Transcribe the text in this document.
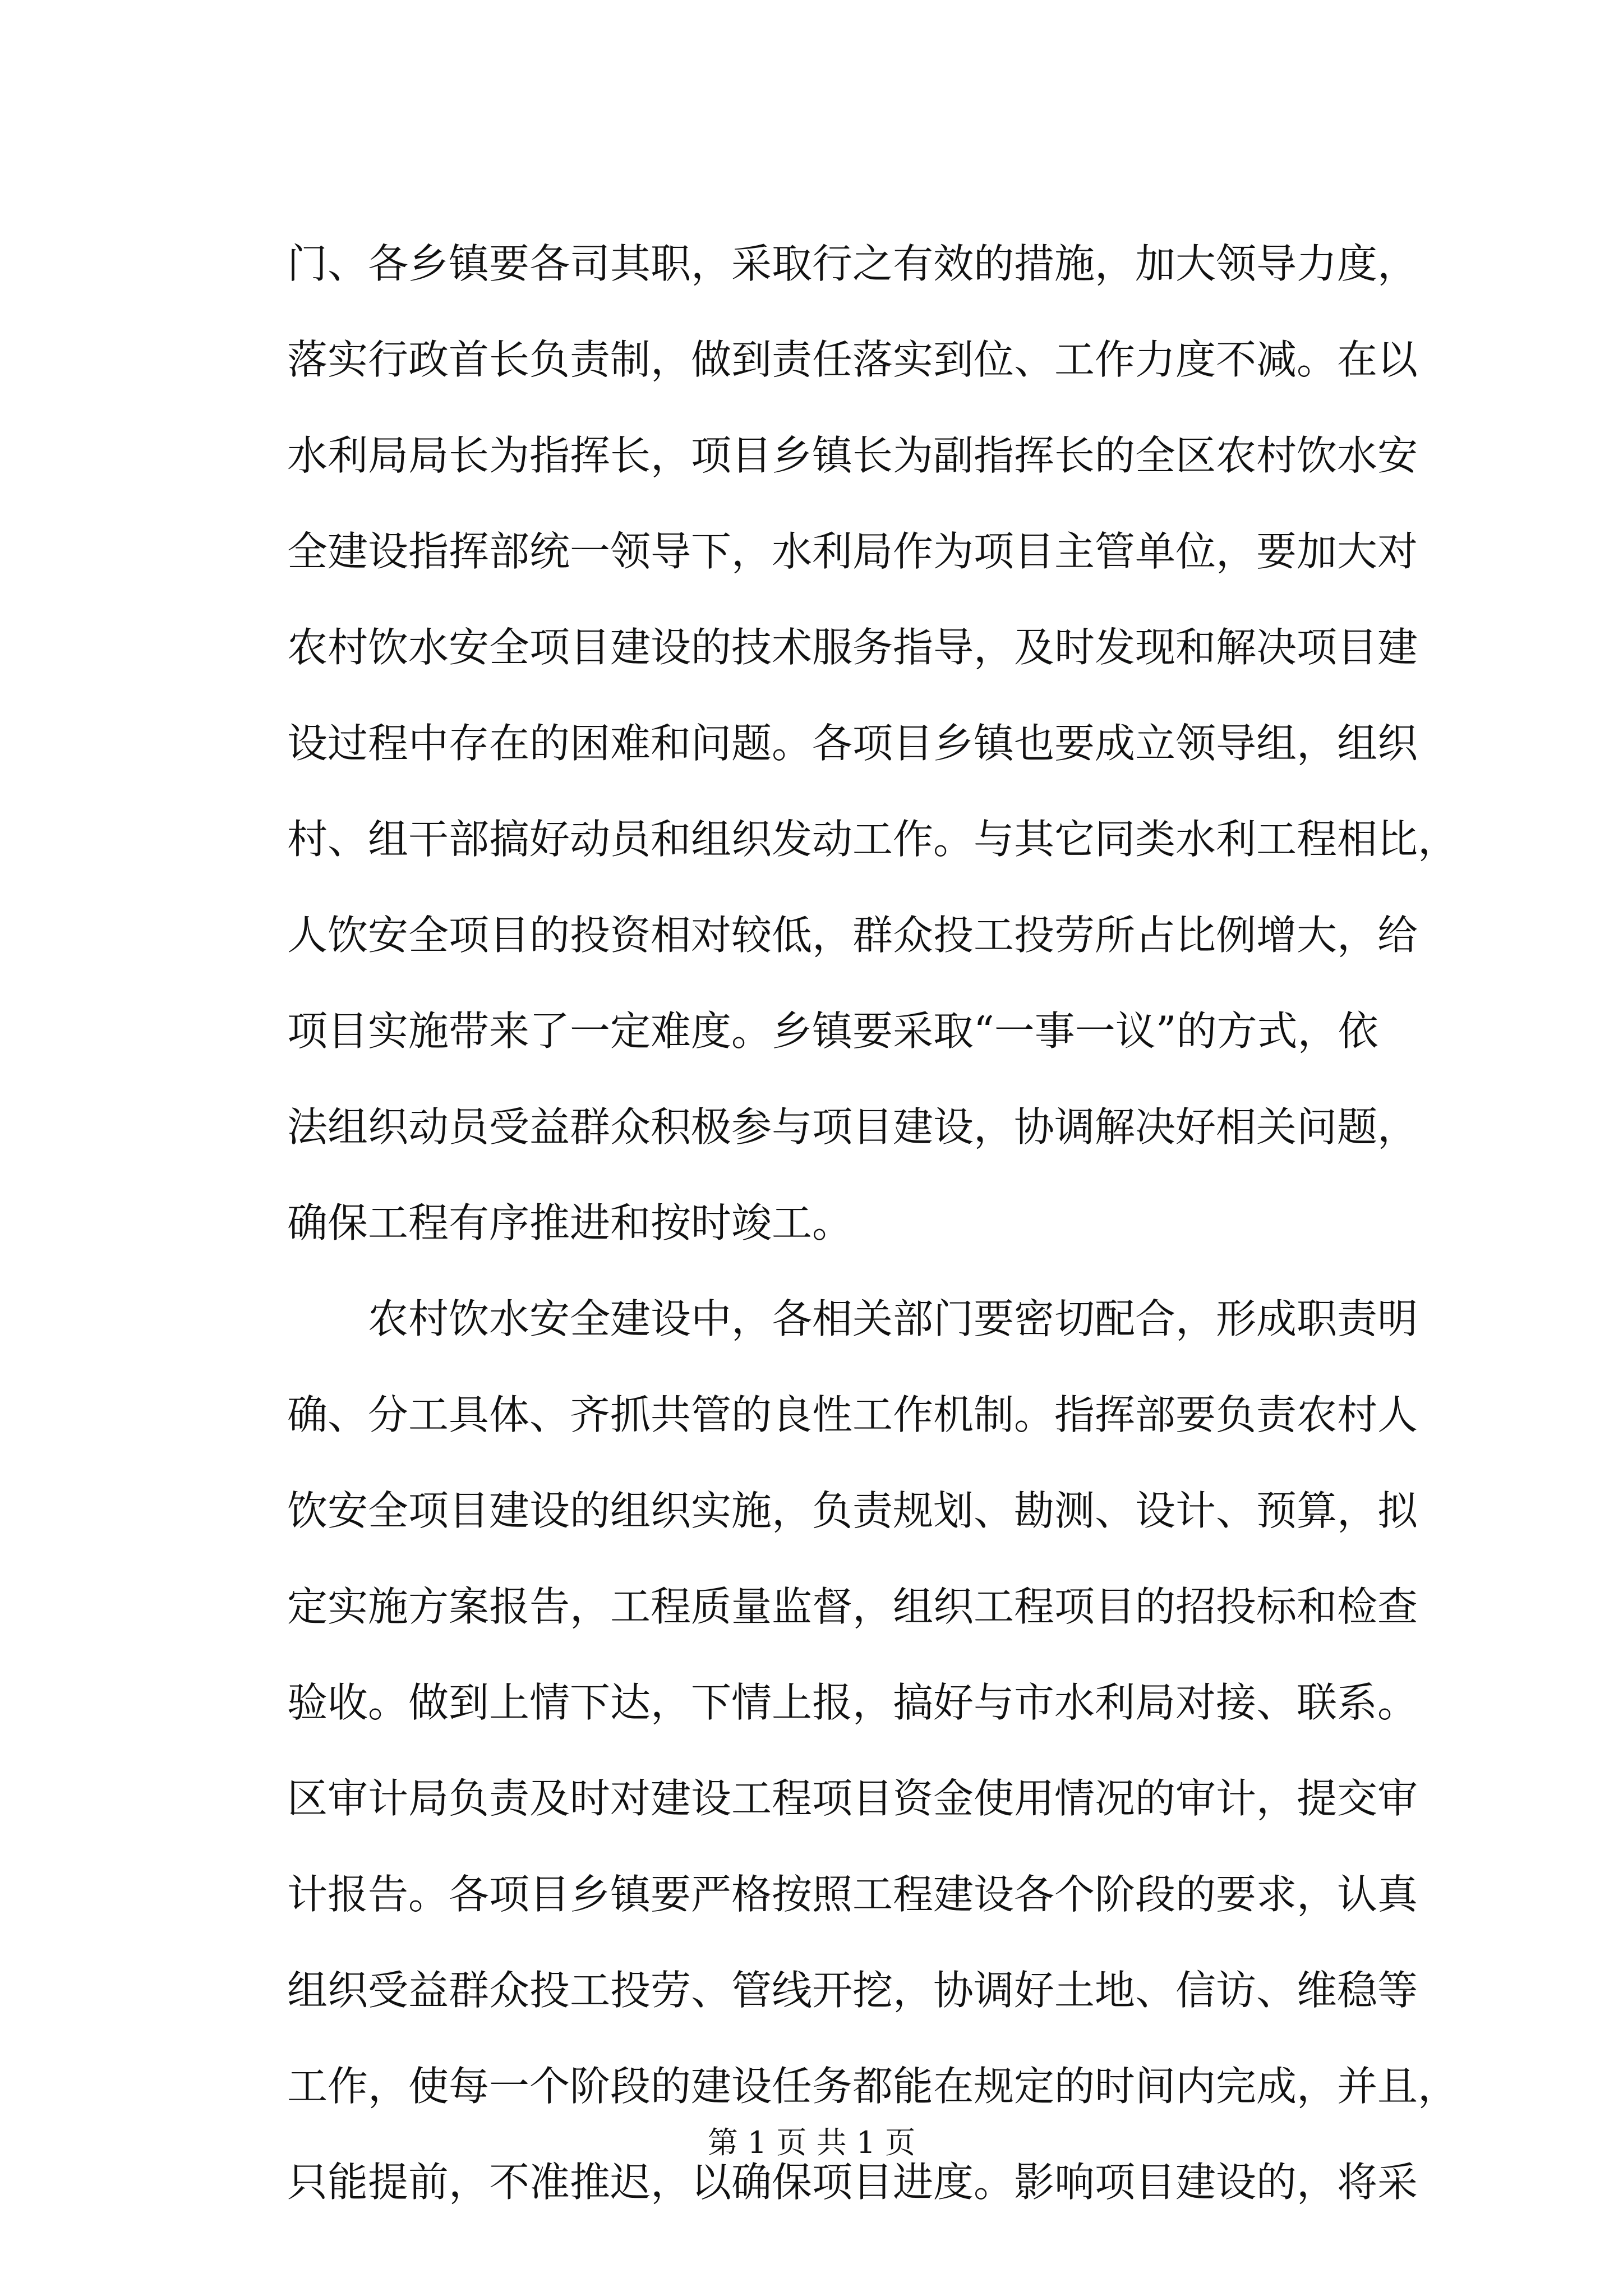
门、各乡镇要各司其职，采取行之有效的措施，加大领导力度，
落实行政首长负责制，做到责任落实到位、工作力度不减。在以
水利局局长为指挥长，项目乡镇长为副指挥长的全区农村饮水安
全建设指挥部统一领导下，水利局作为项目主管单位，要加大对
农村饮水安全项目建设的技术服务指导，及时发现和解决项目建
设过程中存在的困难和问题。各项目乡镇也要成立领导组，组织
村、组干部搞好动员和组织发动工作。与其它同类水利工程相比，
人饮安全项目的投资相对较低，群众投工投劳所占比例增大，给
项目实施带来了一定难度。乡镇要采取“一事一议”的方式，依
法组织动员受益群众积极参与项目建设，协调解决好相关问题，
确保工程有序推进和按时竣工。
农村饮水安全建设中，各相关部门要密切配合，形成职责明
确、分工具体、齐抓共管的良性工作机制。指挥部要负责农村人
饮安全项目建设的组织实施，负责规划、勘测、设计、预算，拟
定实施方案报告，工程质量监督，组织工程项目的招投标和检查
验收。做到上情下达，下情上报，搞好与市水利局对接、联系。
区审计局负责及时对建设工程项目资金使用情况的审计，提交审
计报告。各项目乡镇要严格按照工程建设各个阶段的要求，认真
组织受益群众投工投劳、管线开挖，协调好土地、信访、维稳等
工作，使每一个阶段的建设任务都能在规定的时间内完成，并且，
只能提前，不准推迟，以确保项目进度。影响项目建设的，将采
第 1 页 共 1 页
